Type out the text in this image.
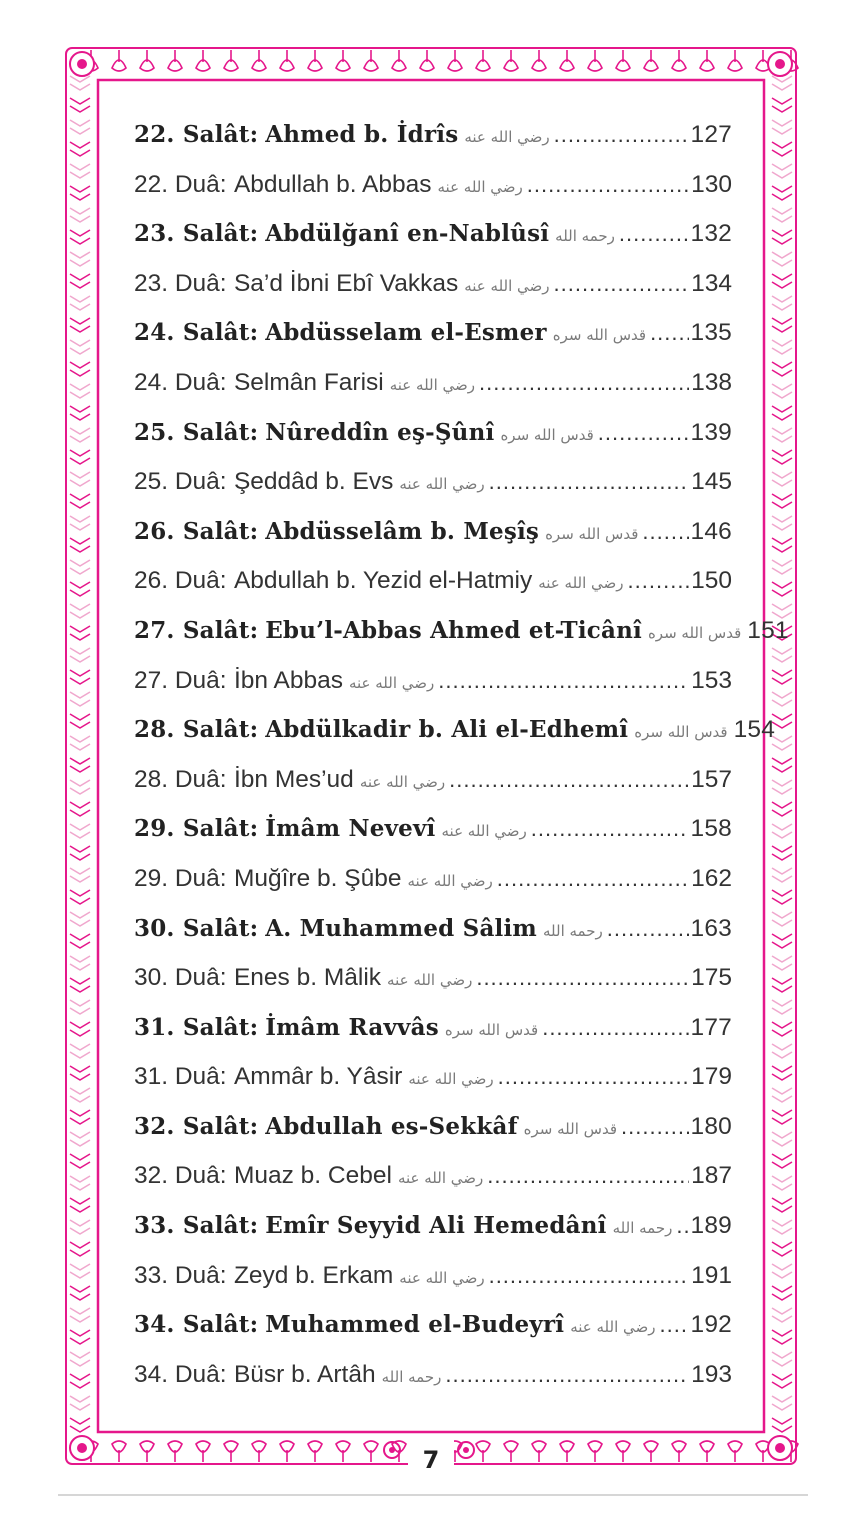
22. Salât: Ahmed b. İdrîs رضي الله عنه .....	127
22. Duâ: Abdullah b. Abbas رضي الله عنه .....	130
23. Salât: Abdülğanî en-Nablûsî رحمه الله .....	132
23. Duâ: Sa’d İbni Ebî Vakkas رضي الله عنه .....	134
24. Salât: Abdüsselam el-Esmer قدس الله سره ..... 135
24. Duâ: Selmân Farisi رضي الله عنه .....	138
25. Salât: Nûreddîn eş-Şûnî قدس الله سره .....	139
25. Duâ: Şeddâd b. Evs رضي الله عنه .....	145
26. Salât: Abdüsselâm b. Meşîş قدس الله سره ..... 146
26. Duâ: Abdullah b. Yezid el-Hatmiy رضي الله عنه .....	150
27. Salât: Ebu’l-Abbas Ahmed et-Ticânî قدس الله سره 151
27. Duâ: İbn Abbas رضي الله عنه .....	153
28. Salât: Abdülkadir b. Ali el-Edhemî قدس الله سره 154
28. Duâ: İbn Mes’ud رضي الله عنه .....	157
29. Salât: İmâm Nevevî رضي الله عنه .....	158
29. Duâ: Muğîre b. Şûbe رضي الله عنه .....	162
30. Salât: A. Muhammed Sâlim رحمه الله .....	163
30. Duâ: Enes b. Mâlik رضي الله عنه .....	175
31. Salât: İmâm Ravvâs قدس الله سره .....	177
31. Duâ: Ammâr b. Yâsir رضي الله عنه .....	179
32. Salât: Abdullah es-Sekkâf قدس الله سره .....	180
32. Duâ: Muaz b. Cebel رضي الله عنه .....	187
33. Salât: Emîr Seyyid Ali Hemedânî رحمه الله ..... 189
33. Duâ: Zeyd b. Erkam رضي الله عنه .....	191
34. Salât: Muhammed el-Budeyrî رضي الله عنه ..... 192
34. Duâ: Büsr b. Artâh رحمه الله .....	193
7
